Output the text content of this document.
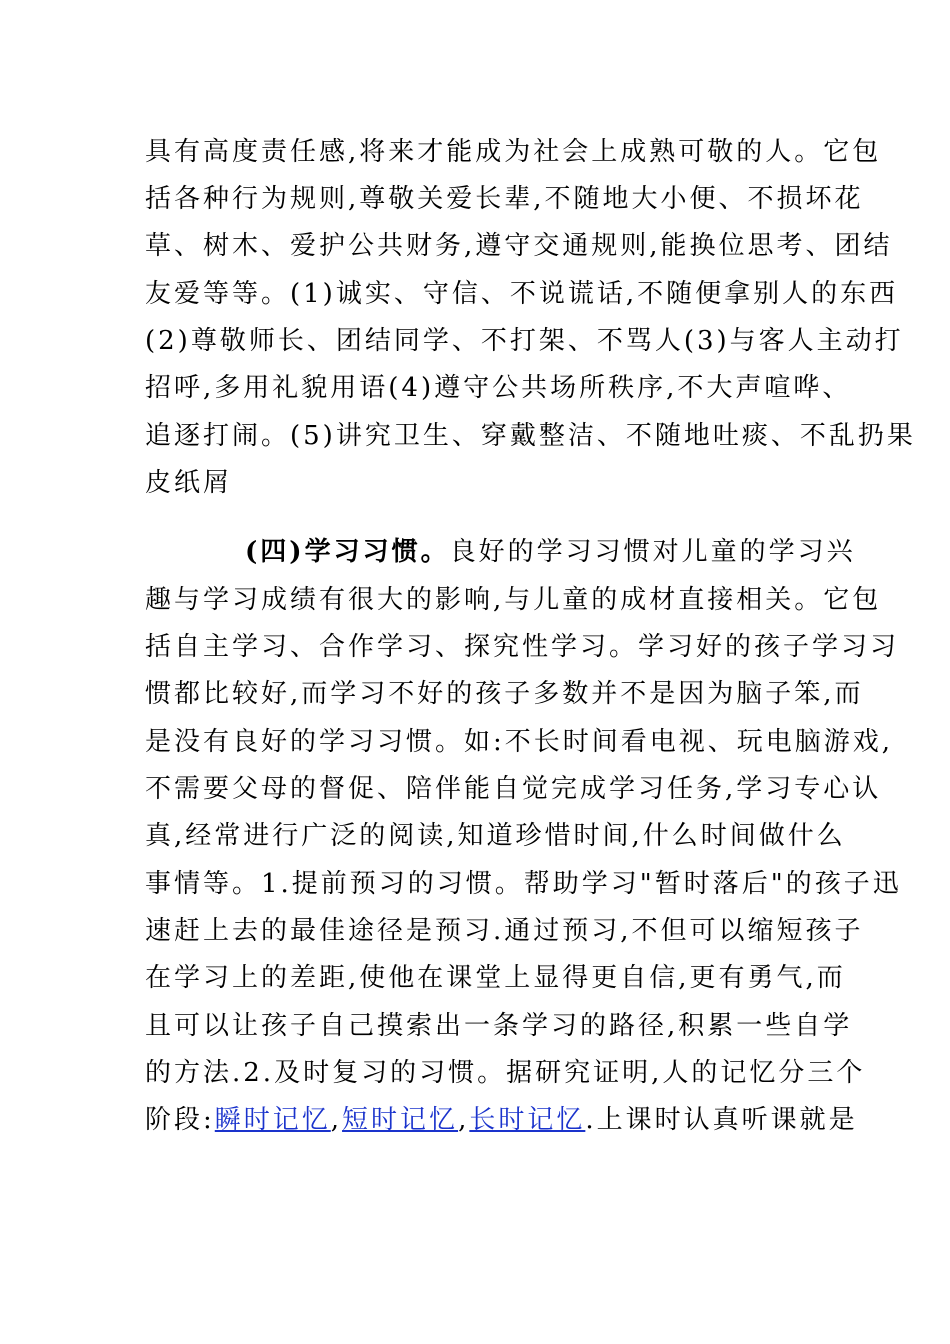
具有高度责任感,将来才能成为社会上成熟可敬的人。它包
括各种行为规则,尊敬关爱长辈,不随地大小便、不损坏花
草、树木、爱护公共财务,遵守交通规则,能换位思考、团结
友爱等等。(1)诚实、守信、不说谎话,不随便拿别人的东西
(2)尊敬师长、团结同学、不打架、不骂人(3)与客人主动打
招呼,多用礼貌用语(4)遵守公共场所秩序,不大声喧哗、
追逐打闹。(5)讲究卫生、穿戴整洁、不随地吐痰、不乱扔果
皮纸屑
(四)学习习惯。良好的学习习惯对儿童的学习兴
趣与学习成绩有很大的影响,与儿童的成材直接相关。它包
括自主学习、合作学习、探究性学习。学习好的孩子学习习
惯都比较好,而学习不好的孩子多数并不是因为脑子笨,而
是没有良好的学习习惯。如:不长时间看电视、玩电脑游戏,
不需要父母的督促、陪伴能自觉完成学习任务,学习专心认
真,经常进行广泛的阅读,知道珍惜时间,什么时间做什么
事情等。1.提前预习的习惯。帮助学习"暂时落后"的孩子迅
速赶上去的最佳途径是预习.通过预习,不但可以缩短孩子
在学习上的差距,使他在课堂上显得更自信,更有勇气,而
且可以让孩子自己摸索出一条学习的路径,积累一些自学
的方法.2.及时复习的习惯。据研究证明,人的记忆分三个
阶段:瞬时记忆,短时记忆,长时记忆.上课时认真听课就是
